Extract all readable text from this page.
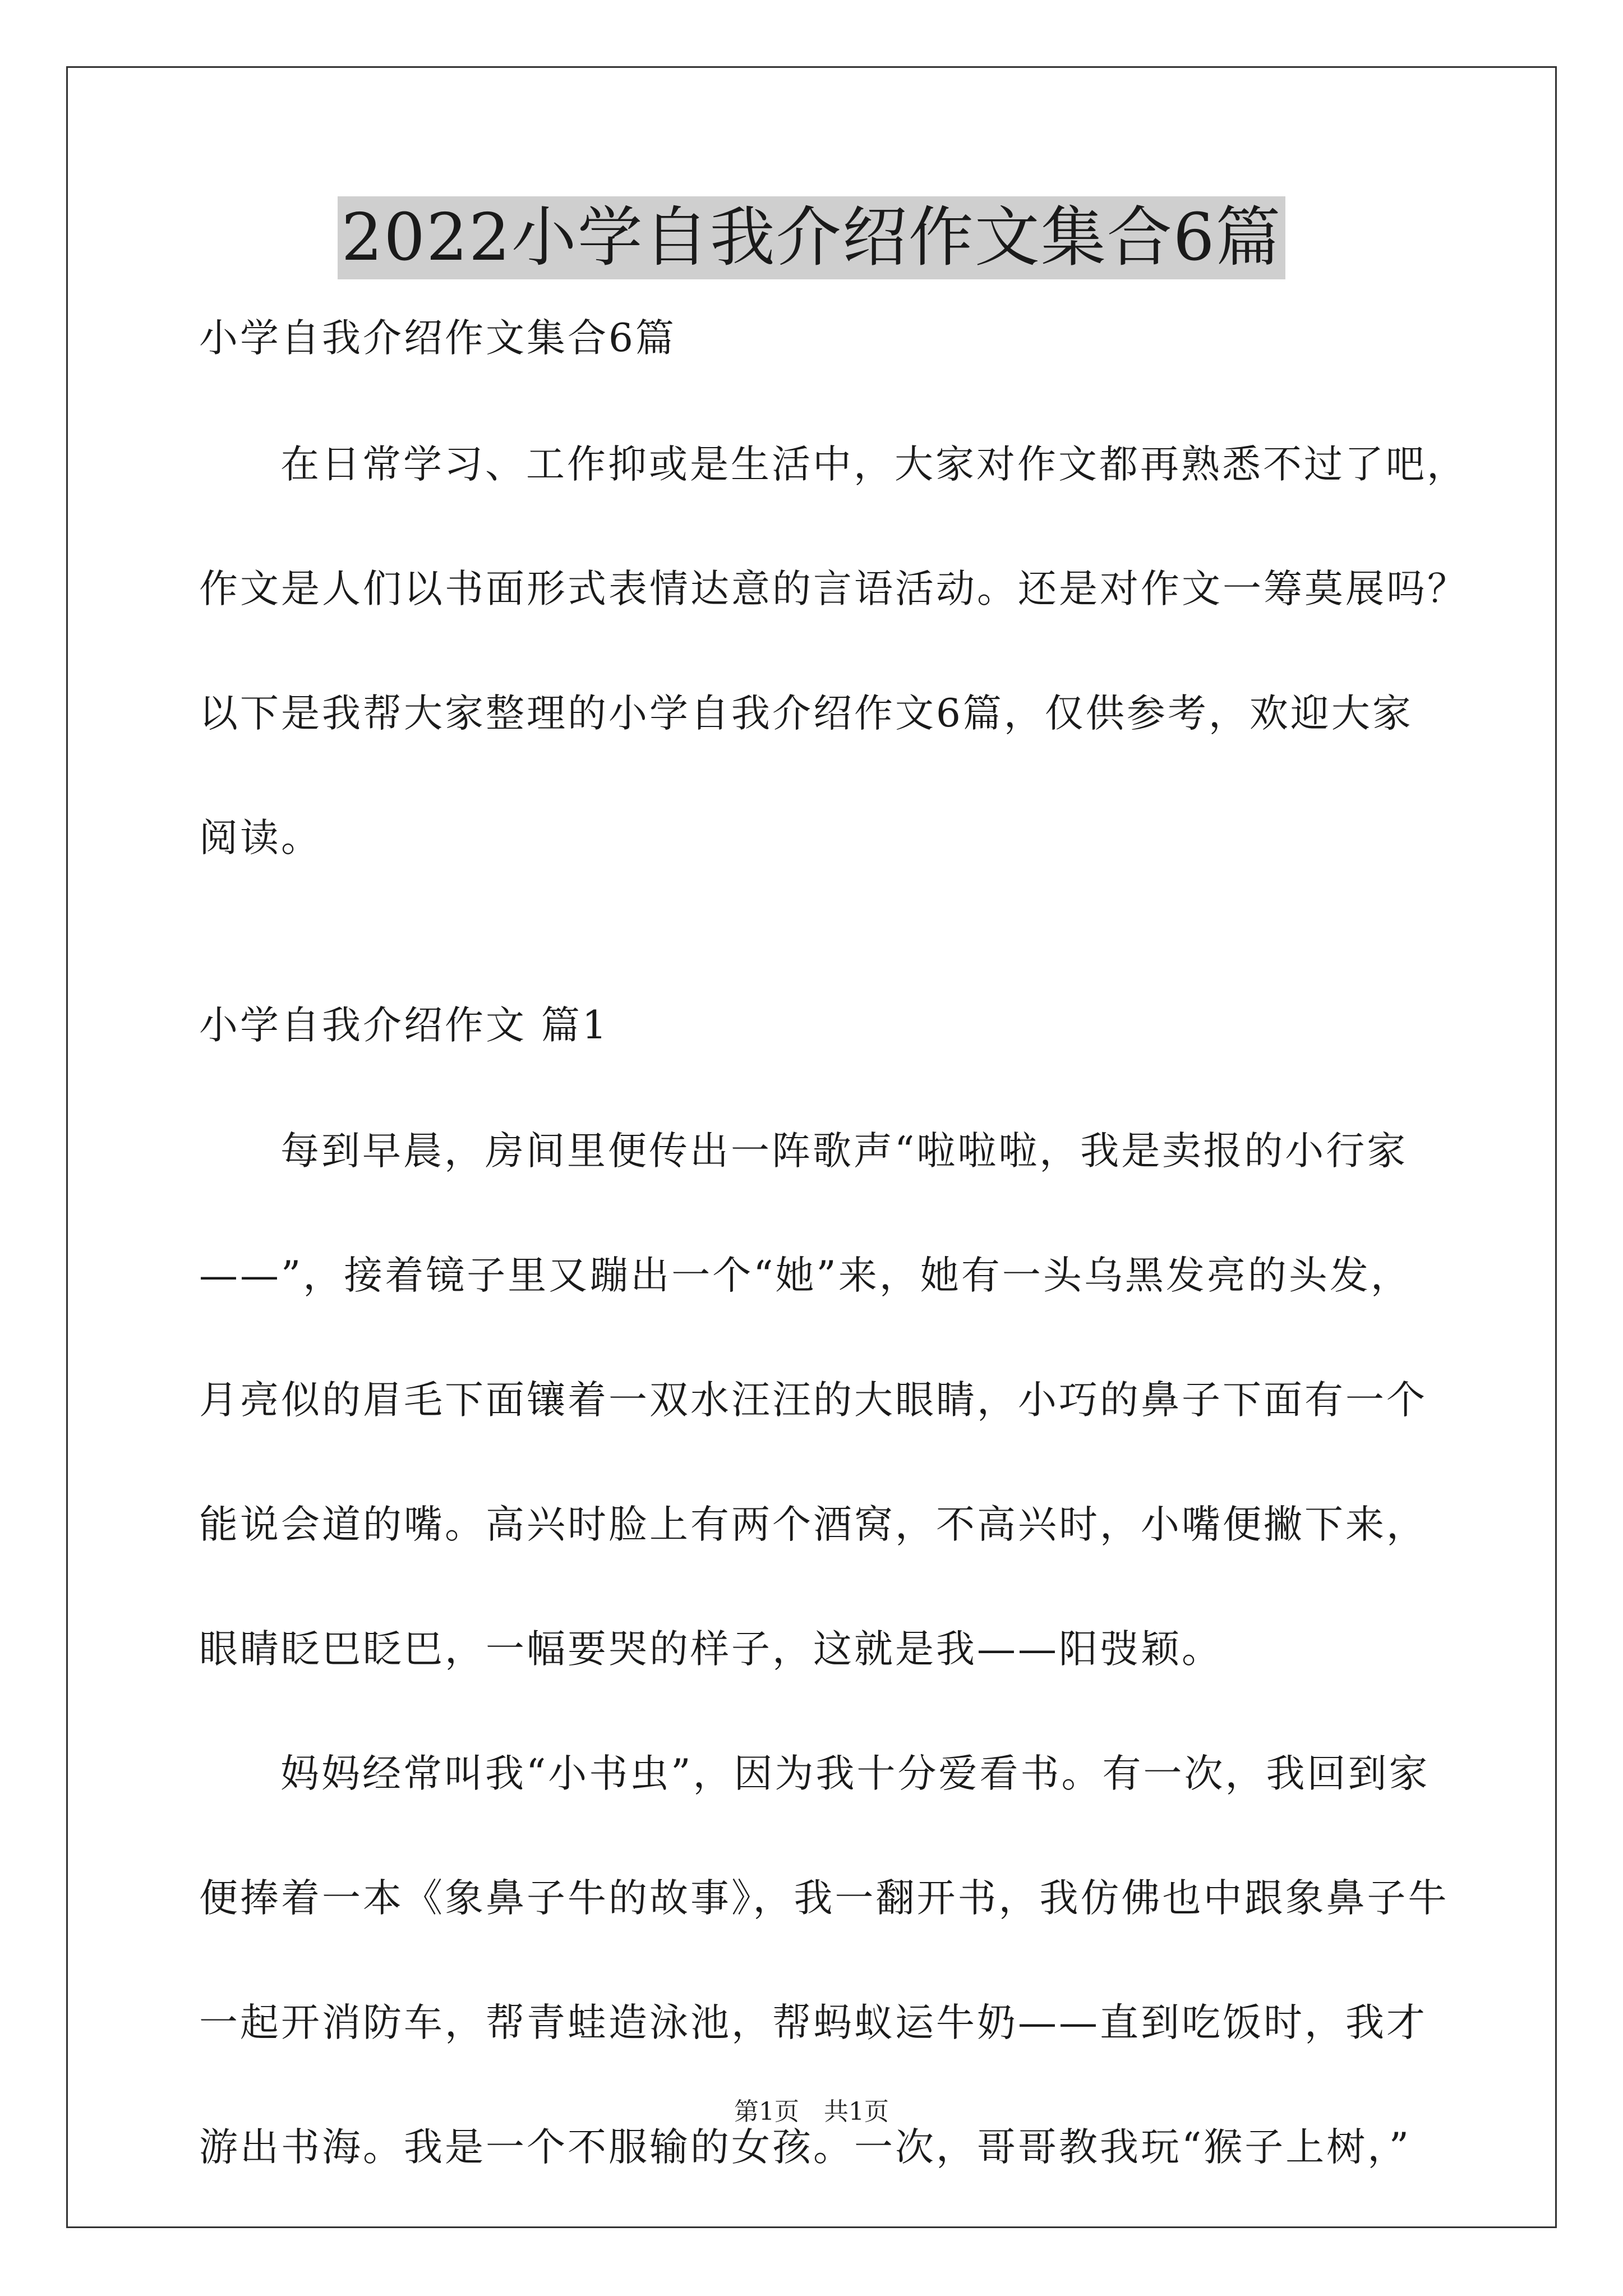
2022小学自我介绍作文集合6篇
小学自我介绍作文集合6篇
在日常学习、工作抑或是生活中，大家对作文都再熟悉不过了吧，
作文是人们以书面形式表情达意的言语活动。还是对作文一筹莫展吗？
以下是我帮大家整理的小学自我介绍作文6篇，仅供参考，欢迎大家
阅读。
小学自我介绍作文 篇1
每到早晨，房间里便传出一阵歌声“啦啦啦，我是卖报的小行家
——”，接着镜子里又蹦出一个“她”来，她有一头乌黑发亮的头发，
月亮似的眉毛下面镶着一双水汪汪的大眼睛，小巧的鼻子下面有一个
能说会道的嘴。高兴时脸上有两个酒窝，不高兴时，小嘴便撇下来，
眼睛眨巴眨巴，一幅要哭的样子，这就是我——阳弢颖。
妈妈经常叫我“小书虫”，因为我十分爱看书。有一次，我回到家
便捧着一本《象鼻子牛的故事》，我一翻开书，我仿佛也中跟象鼻子牛
一起开消防车，帮青蛙造泳池，帮蚂蚁运牛奶——直到吃饭时，我才
游出书海。我是一个不服输的女孩。一次，哥哥教我玩“猴子上树，”
第1页　共1页
